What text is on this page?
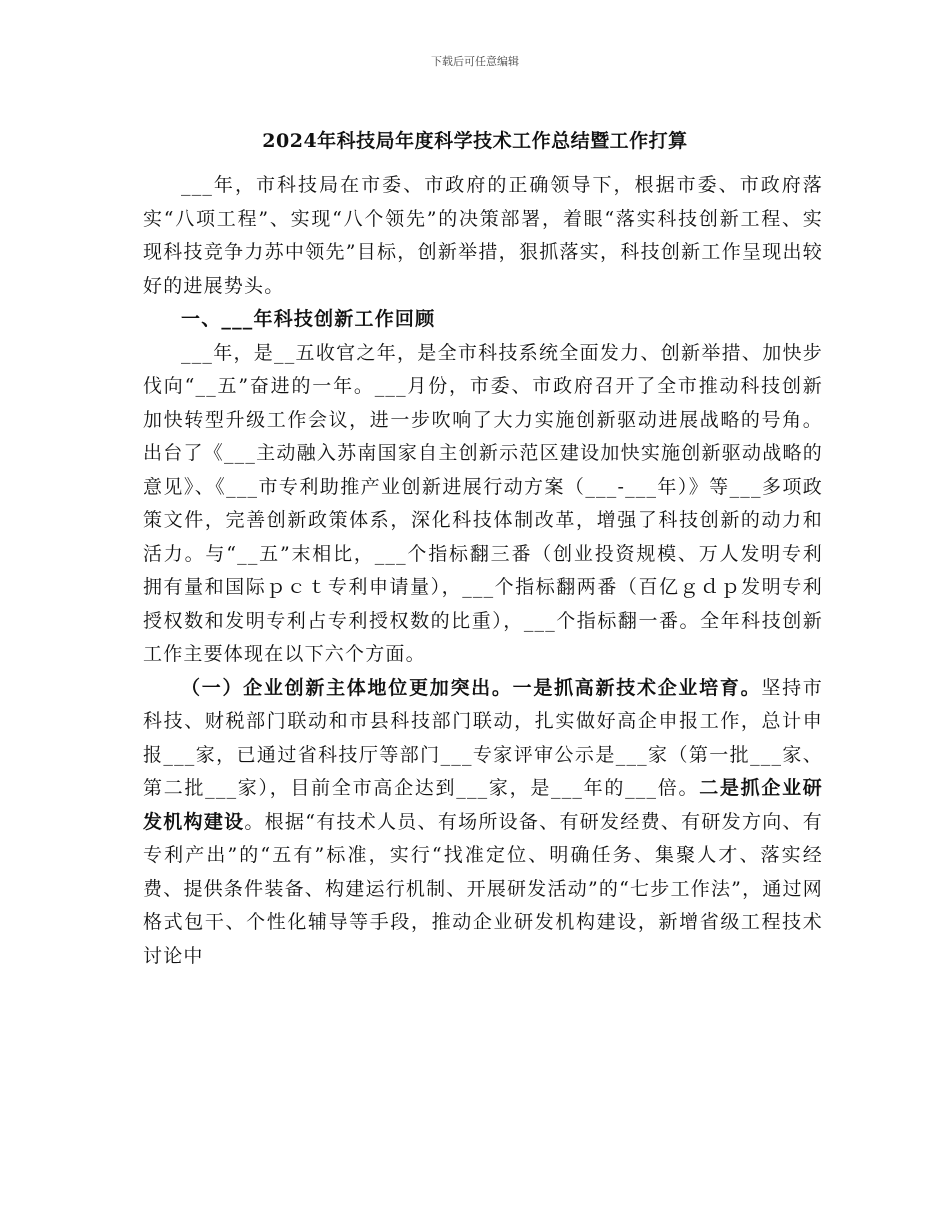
下载后可任意编辑
2024年科技局年度科学技术工作总结暨工作打算

___年，市科技局在市委、市政府的正确领导下，根据市委、市政府落实“八项工程”、实现“八个领先”的决策部署，着眼“落实科技创新工程、实现科技竞争力苏中领先”目标，创新举措，狠抓落实，科技创新工作呈现出较好的进展势头。

一、___年科技创新工作回顾

___年，是__五收官之年，是全市科技系统全面发力、创新举措、加快步伐向“__五”奋进的一年。___月份，市委、市政府召开了全市推动科技创新加快转型升级工作会议，进一步吹响了大力实施创新驱动进展战略的号角。出台了《___主动融入苏南国家自主创新示范区建设加快实施创新驱动战略的意见》、《___市专利助推产业创新进展行动方案（___-___年）》等___多项政策文件，完善创新政策体系，深化科技体制改革，增强了科技创新的动力和活力。与“__五”末相比，___个指标翻三番（创业投资规模、万人发明专利拥有量和国际ｐｃｔ专利申请量），___个指标翻两番（百亿ｇｄｐ发明专利授权数和发明专利占专利授权数的比重），___个指标翻一番。全年科技创新工作主要体现在以下六个方面。

（一）企业创新主体地位更加突出。一是抓高新技术企业培育。坚持市科技、财税部门联动和市县科技部门联动，扎实做好高企申报工作，总计申报___家，已通过省科技厅等部门___专家评审公示是___家（第一批___家、第二批___家），目前全市高企达到___家，是___年的___倍。二是抓企业研发机构建设。根据“有技术人员、有场所设备、有研发经费、有研发方向、有专利产出”的“五有”标准，实行“找准定位、明确任务、集聚人才、落实经费、提供条件装备、构建运行机制、开展研发活动”的“七步工作法”，通过网格式包干、个性化辅导等手段，推动企业研发机构建设，新增省级工程技术讨论中
